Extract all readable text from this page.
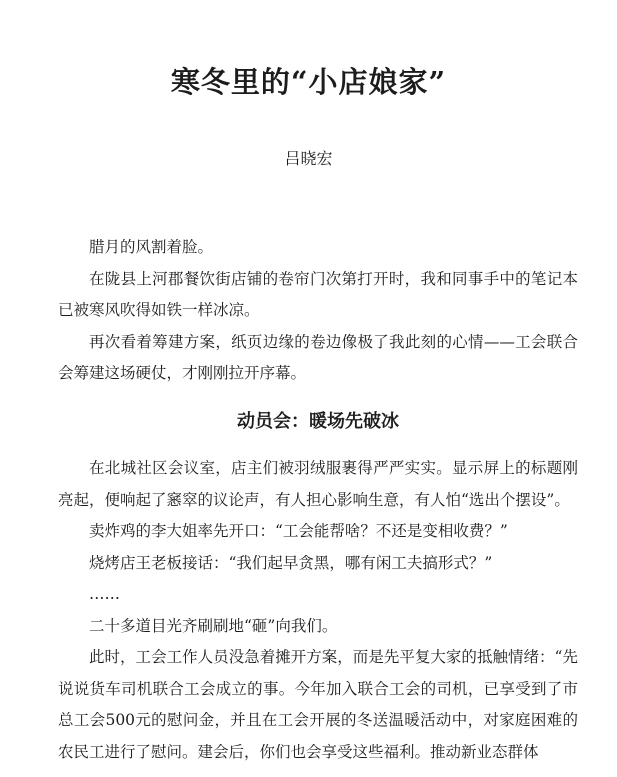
寒冬里的“小店娘家”
吕晓宏

腊月的风割着脸。

在陇县上河郡餐饮街店铺的卷帘门次第打开时，我和同事手中的笔记本已被寒风吹得如铁一样冰凉。

再次看着筹建方案，纸页边缘的卷边像极了我此刻的心情——工会联合会筹建这场硬仗，才刚刚拉开序幕。

动员会：暖场先破冰

在北城社区会议室，店主们被羽绒服裹得严严实实。显示屏上的标题刚亮起，便响起了窸窣的议论声，有人担心影响生意，有人怕“选出个摆设”。

卖炸鸡的李大姐率先开口：“工会能帮啥？不还是变相收费？”

烧烤店王老板接话：“我们起早贪黑，哪有闲工夫搞形式？”

……

二十多道目光齐刷刷地“砸”向我们。

此时，工会工作人员没急着摊开方案，而是先平复大家的抵触情绪：“先说说货车司机联合工会成立的事。今年加入联合工会的司机，已享受到了市总工会500元的慰问金，并且在工会开展的冬送温暖活动中，对家庭困难的农民工进行了慰问。建会后，你们也会享受这些福利。推动新业态群体
